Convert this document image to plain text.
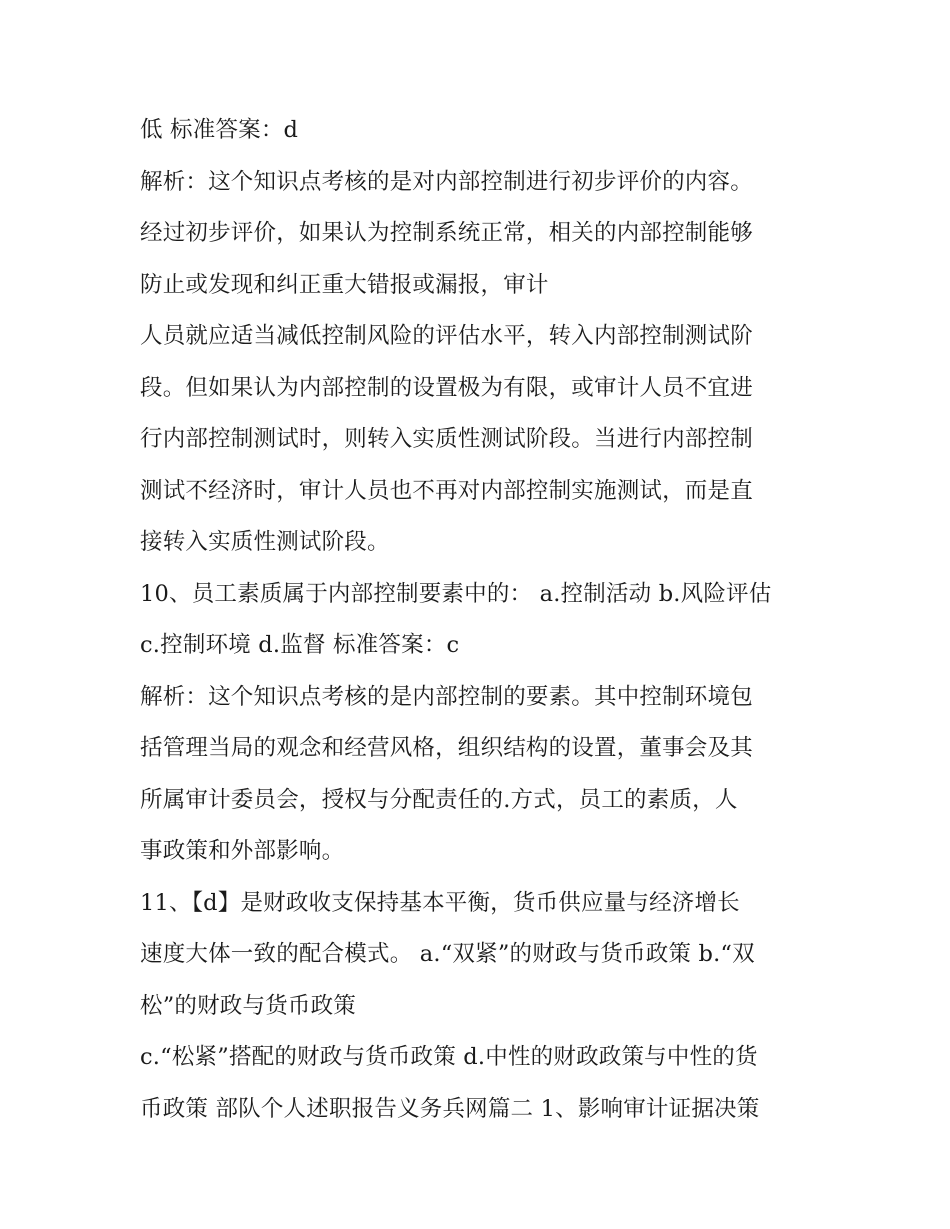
低 标准答案：d
解析：这个知识点考核的是对内部控制进行初步评价的内容。
经过初步评价，如果认为控制系统正常，相关的内部控制能够
防止或发现和纠正重大错报或漏报，审计
人员就应适当减低控制风险的评估水平，转入内部控制测试阶
段。但如果认为内部控制的设置极为有限，或审计人员不宜进
行内部控制测试时，则转入实质性测试阶段。当进行内部控制
测试不经济时，审计人员也不再对内部控制实施测试，而是直
接转入实质性测试阶段。
10、员工素质属于内部控制要素中的： a.控制活动 b.风险评估
c.控制环境 d.监督 标准答案：c
解析：这个知识点考核的是内部控制的要素。其中控制环境包
括管理当局的观念和经营风格，组织结构的设置，董事会及其
所属审计委员会，授权与分配责任的.方式，员工的素质，人
事政策和外部影响。
11、【d】是财政收支保持基本平衡，货币供应量与经济增长
速度大体一致的配合模式。 a.“双紧”的财政与货币政策 b.“双
松”的财政与货币政策
c.“松紧”搭配的财政与货币政策 d.中性的财政政策与中性的货
币政策 部队个人述职报告义务兵网篇二 1、影响审计证据决策
